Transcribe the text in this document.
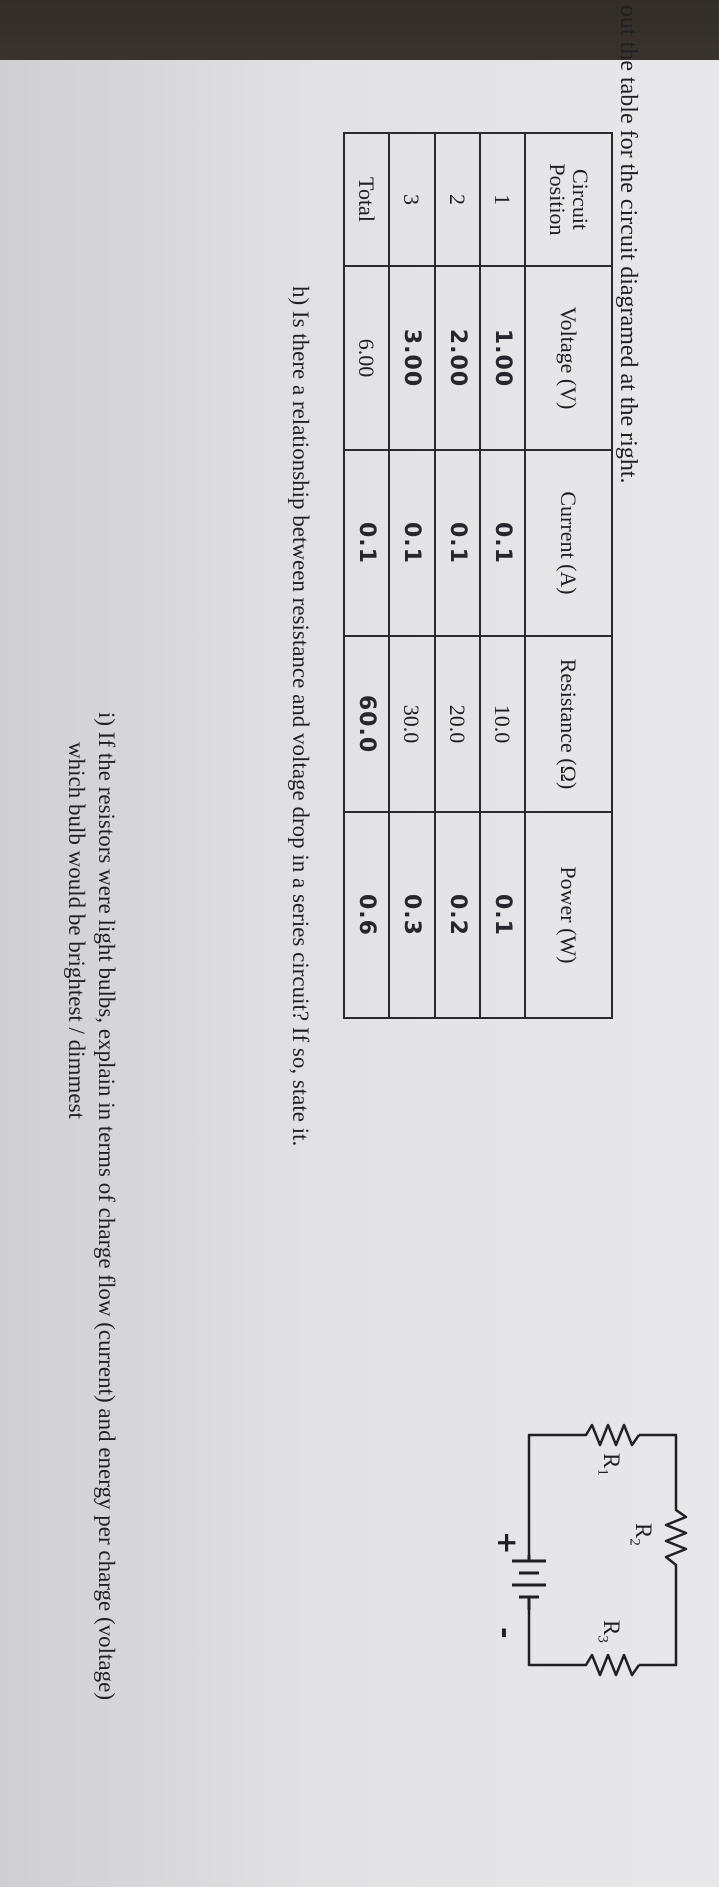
out the table for the circuit diagramed at the right.
Circuit Position	Voltage (V)	Current (A)	Resistance (Ω)	Power (W)
1	1.00	0.1	10.0	0.1
2	2.00	0.1	20.0	0.2
3	3.00	0.1	30.0	0.3
Total	6.00	0.1	60.0	0.6
$R_2$
$R_1$
$R_3$
+
-
h) Is there a relationship between resistance and voltage drop in a series circuit? If so, state it.
i) If the resistors were light bulbs, explain in terms of charge flow (current) and energy per charge (voltage)
which bulb would be brightest / dimmest
